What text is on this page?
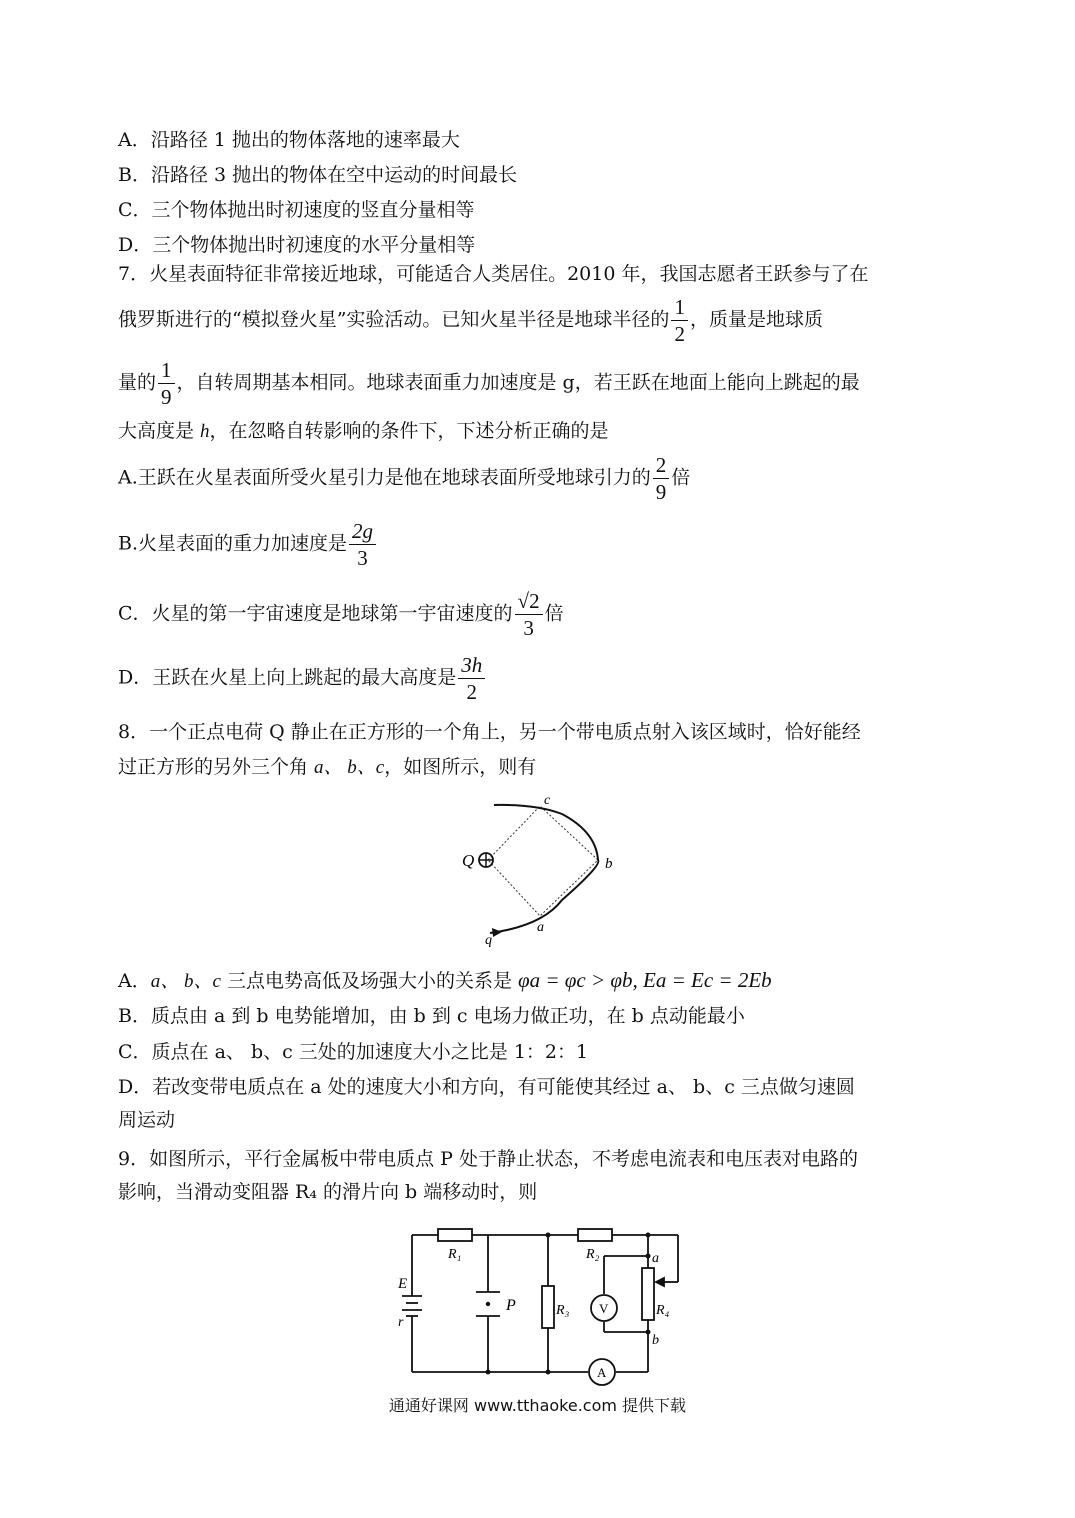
A．沿路径 1 抛出的物体落地的速率最大
B．沿路径 3 抛出的物体在空中运动的时间最长
C．三个物体抛出时初速度的竖直分量相等
D．三个物体抛出时初速度的水平分量相等
7．火星表面特征非常接近地球，可能适合人类居住。2010 年，我国志愿者王跃参与了在
俄罗斯进行的“模拟登火星”实验活动。已知火星半径是地球半径的 $\frac{1}{2}$ ，质量是地球质
量的 $\frac{1}{9}$ ，自转周期基本相同。地球表面重力加速度是 g，若王跃在地面上能向上跳起的最
大高度是 h，在忽略自转影响的条件下，下述分析正确的是
A.王跃在火星表面所受火星引力是他在地球表面所受地球引力的 $\frac{2}{9}$ 倍
B.火星表面的重力加速度是 $\frac{2g}{3}$
C．火星的第一宇宙速度是地球第一宇宙速度的 $\frac{√2}{3}$ 倍
D．王跃在火星上向上跳起的最大高度是 $\frac{3h}{2}$
8．一个正点电荷 Q 静止在正方形的一个角上，另一个带电质点射入该区域时，恰好能经
过正方形的另外三个角 a、 b、c，如图所示，则有
Q
c
b
a
q
A．a、 b、c 三点电势高低及场强大小的关系是 φa = φc > φb, Ea = Ec = 2Eb
B．质点由 a 到 b 电势能增加，由 b 到 c 电场力做正功，在 b 点动能最小
C．质点在 a、 b、c 三处的加速度大小之比是 1：2：1
D．若改变带电质点在 a 处的速度大小和方向，有可能使其经过 a、 b、c 三点做匀速圆
周运动
9．如图所示，平行金属板中带电质点 P 处于静止状态，不考虑电流表和电压表对电路的
影响，当滑动变阻器 R₄ 的滑片向 b 端移动时，则
E
r
R₁	R₂
R₃	R₄
P	V
A
a
b
通通好课网 www.tthaoke.com 提供下载
